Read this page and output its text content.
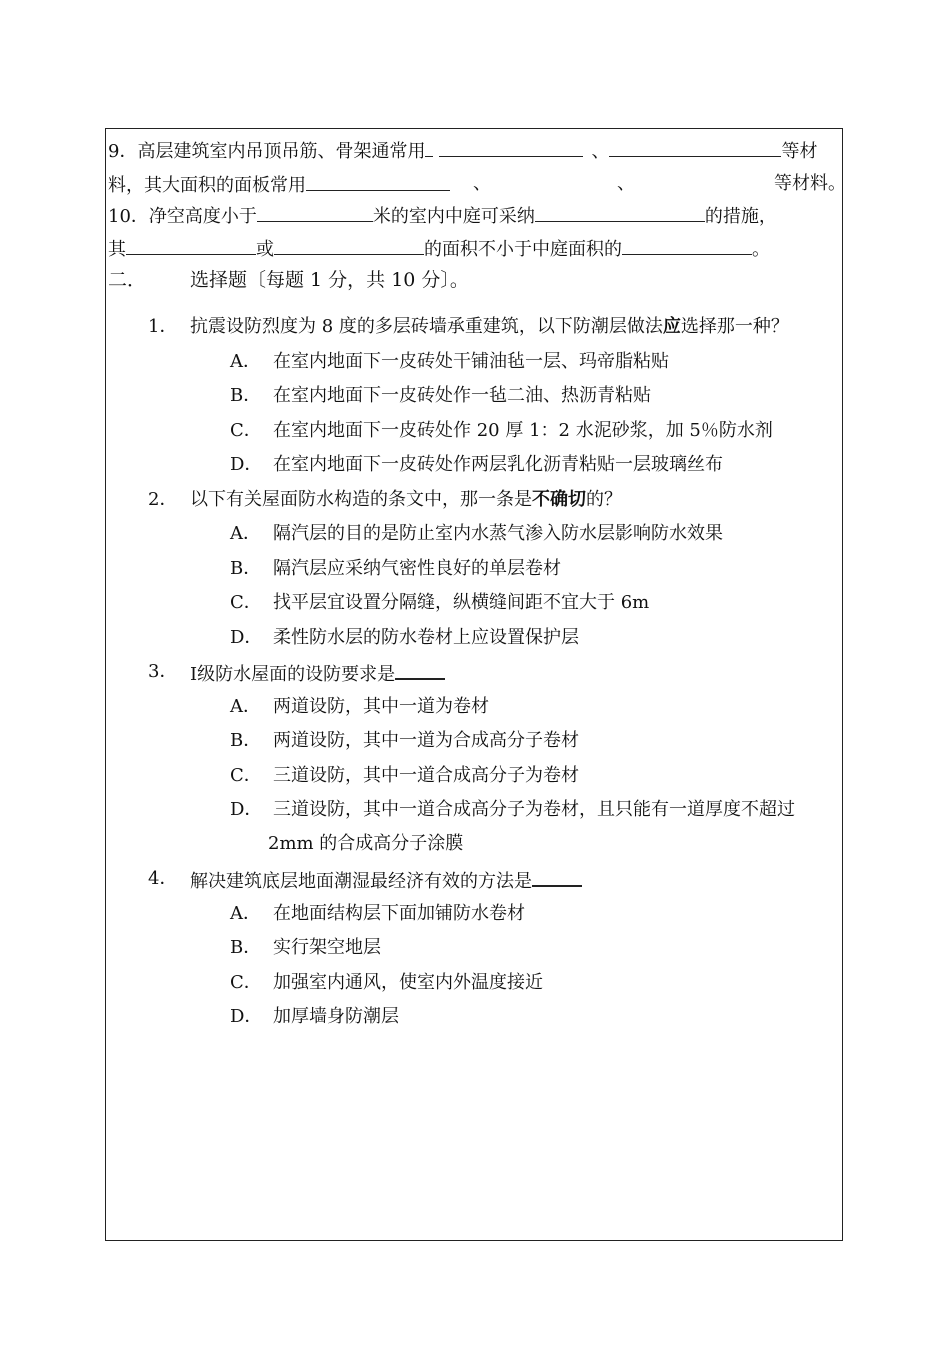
9．高层建筑室内吊顶吊筋、骨架通常用	、	等材
料，其大面积的面板常用	、	、	等材料。
10．净空高度小于	米的室内中庭可采纳	的措施，
其	或	的面积不小于中庭面积的	。
二． 选择题〔每题 1 分，共 10 分〕。
1． 抗震设防烈度为 8 度的多层砖墙承重建筑，以下防潮层做法应选择那一种？
A． 在室内地面下一皮砖处干铺油毡一层、玛帝脂粘贴
B． 在室内地面下一皮砖处作一毡二油、热沥青粘贴
C． 在室内地面下一皮砖处作 20 厚 1：2 水泥砂浆，加 5％防水剂
D． 在室内地面下一皮砖处作两层乳化沥青粘贴一层玻璃丝布
2． 以下有关屋面防水构造的条文中，那一条是不确切的？
A． 隔汽层的目的是防止室内水蒸气渗入防水层影响防水效果
B． 隔汽层应采纳气密性良好的单层卷材
C． 找平层宜设置分隔缝，纵横缝间距不宜大于 6m
D． 柔性防水层的防水卷材上应设置保护层
3． Ⅰ级防水屋面的设防要求是
A． 两道设防，其中一道为卷材
B． 两道设防，其中一道为合成高分子卷材
C． 三道设防，其中一道合成高分子为卷材
D． 三道设防，其中一道合成高分子为卷材，且只能有一道厚度不超过
2mm 的合成高分子涂膜
4． 解决建筑底层地面潮湿最经济有效的方法是
A． 在地面结构层下面加铺防水卷材
B． 实行架空地层
C． 加强室内通风，使室内外温度接近
D． 加厚墙身防潮层
